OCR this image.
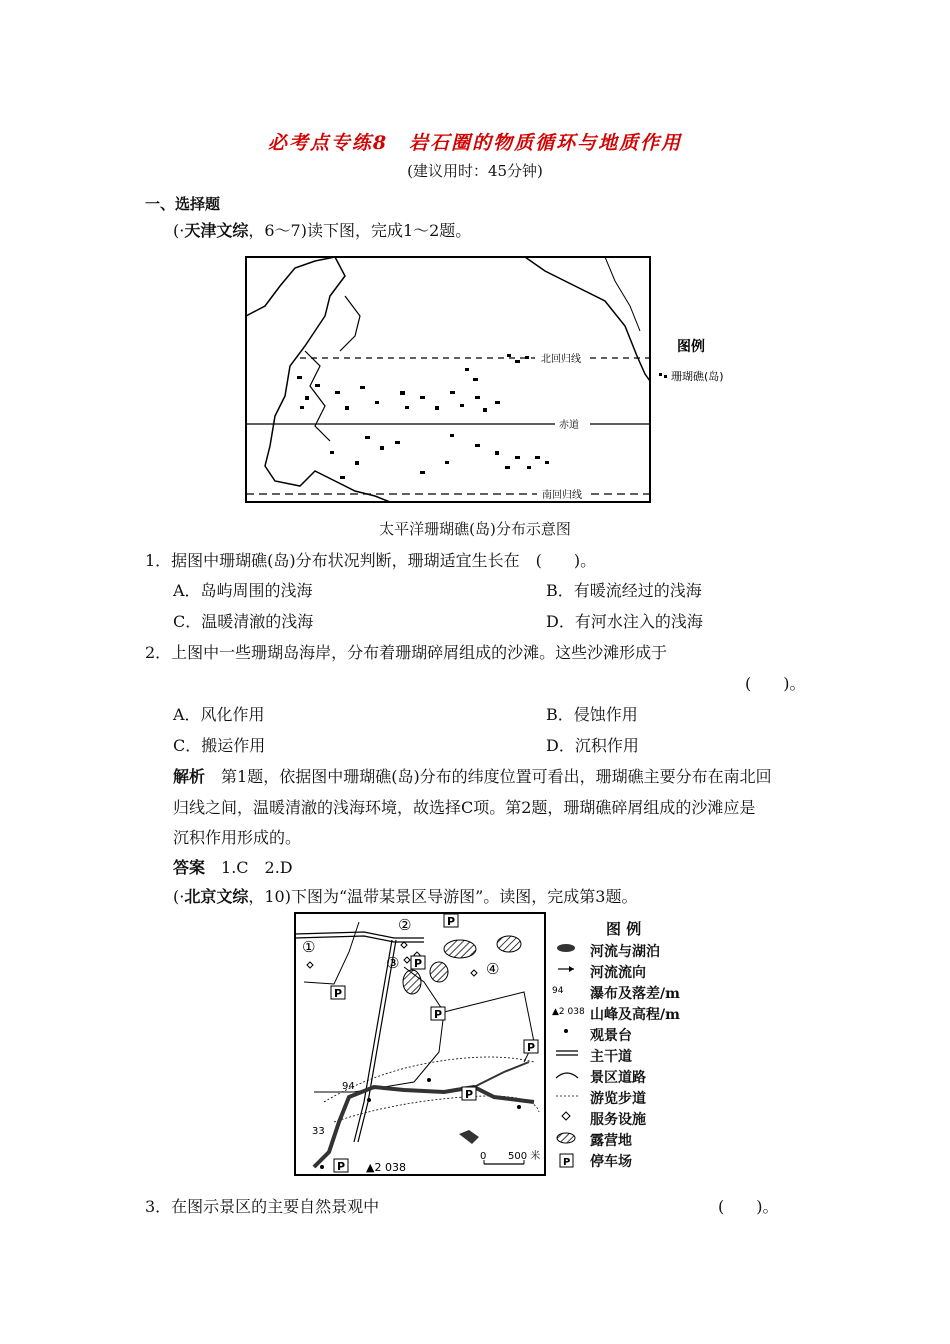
必考点专练8　岩石圈的物质循环与地质作用
(建议用时：45分钟)
一、选择题
(·天津文综，6～7)读下图，完成1～2题。
北回归线
赤道
南回归线
图例
珊瑚礁(岛)
太平洋珊瑚礁(岛)分布示意图
1．据图中珊瑚礁(岛)分布状况判断，珊瑚适宜生长在　(　　)。
A．岛屿周围的浅海	B．有暖流经过的浅海
C．温暖清澈的浅海	D．有河水注入的浅海
2．上图中一些珊瑚岛海岸，分布着珊瑚碎屑组成的沙滩。这些沙滩形成于
(　　)。
A．风化作用	B．侵蚀作用
C．搬运作用	D．沉积作用
解析　第1题，依据图中珊瑚礁(岛)分布的纬度位置可看出，珊瑚礁主要分布在南北回
归线之间，温暖清澈的浅海环境，故选择C项。第2题，珊瑚礁碎屑组成的沙滩应是
沉积作用形成的。
答案　1.C　2.D
(·北京文综，10)下图为“温带某景区导游图”。读图，完成第3题。
①
②
③	④
P
P
P
P
P
P
P
94
33
▲2 038
0 500 米
图 例
94
▲2 038
P
河流与湖泊
河流流向
瀑布及落差/m
山峰及高程/m
观景台
主干道
景区道路
游览步道
服务设施
露营地
停车场
3．在图示景区的主要自然景观中	(　　)。
